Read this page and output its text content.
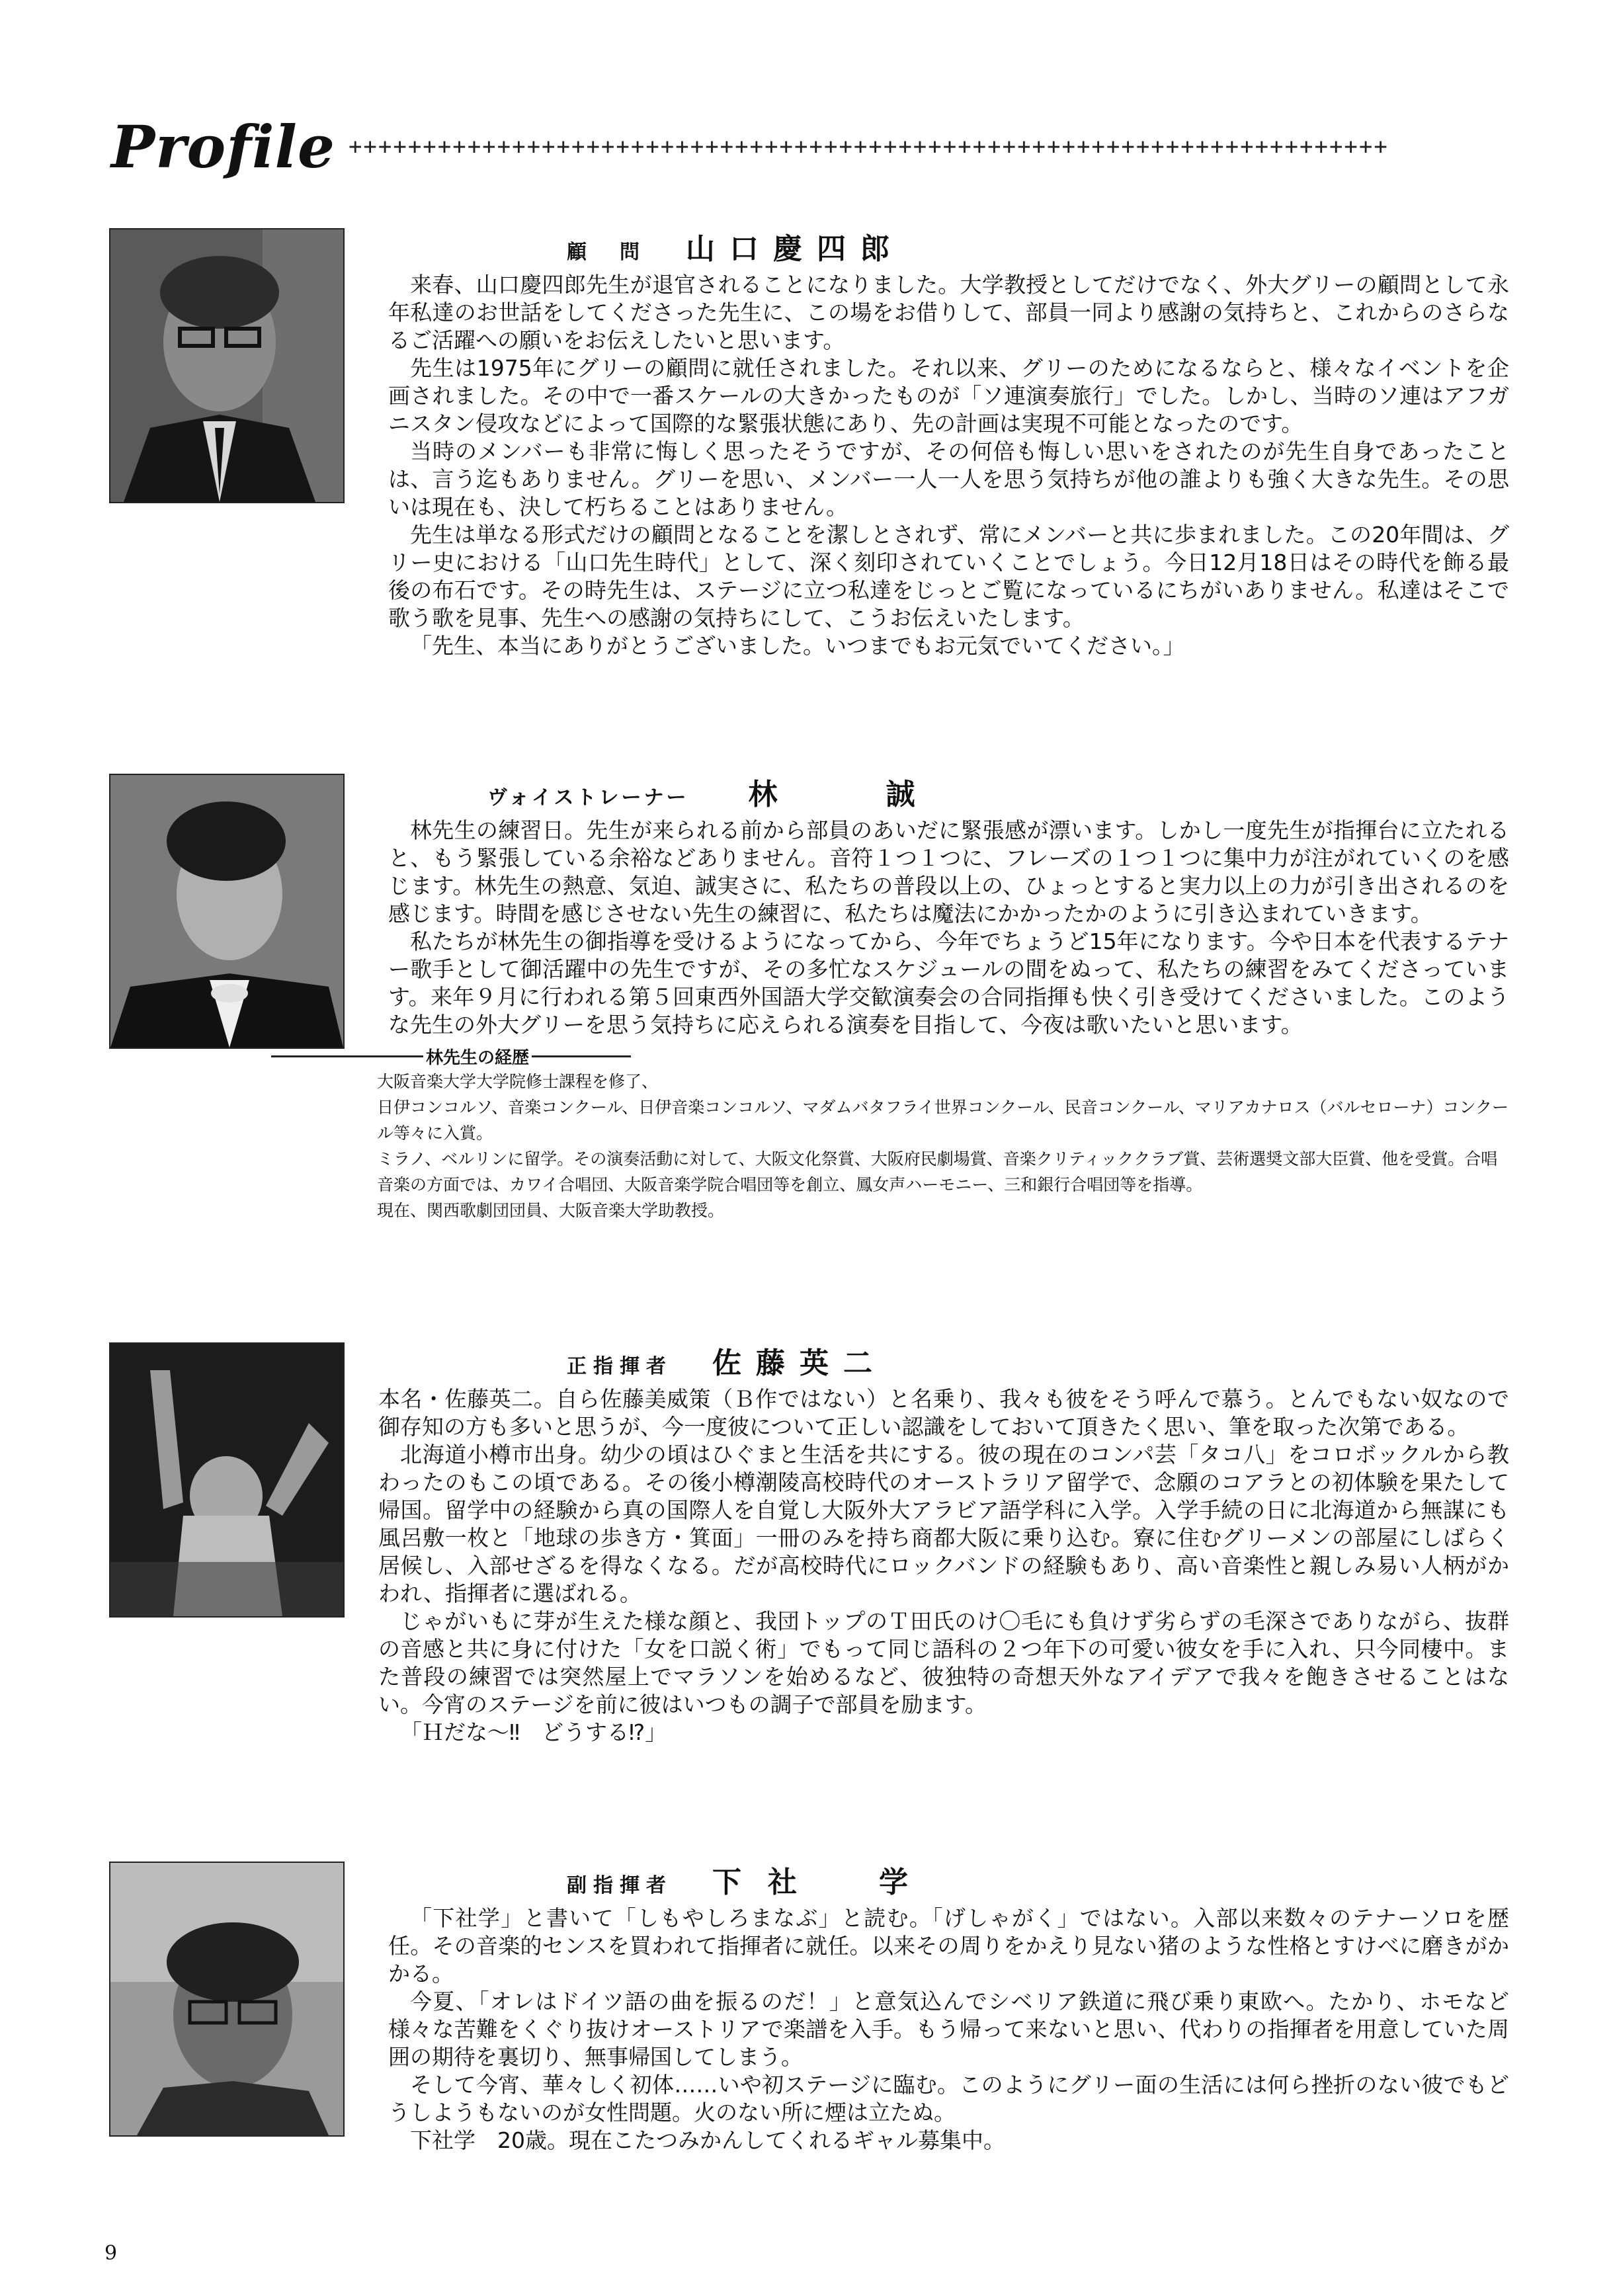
Profile ++++++++++++++++++++++++++++++++++++++++++++++++++++++++++++++++++++++
顧　問 山口慶四郎

来春、山口慶四郎先生が退官されることになりました。大学教授としてだけでなく、外大グリーの顧問として永年私達のお世話をしてくださった先生に、この場をお借りして、部員一同より感謝の気持ちと、これからのさらなるご活躍への願いをお伝えしたいと思います。

先生は1975年にグリーの顧問に就任されました。それ以来、グリーのためになるならと、様々なイベントを企画されました。その中で一番スケールの大きかったものが「ソ連演奏旅行」でした。しかし、当時のソ連はアフガニスタン侵攻などによって国際的な緊張状態にあり、先の計画は実現不可能となったのです。

当時のメンバーも非常に悔しく思ったそうですが、その何倍も悔しい思いをされたのが先生自身であったことは、言う迄もありません。グリーを思い、メンバー一人一人を思う気持ちが他の誰よりも強く大きな先生。その思いは現在も、決して朽ちることはありません。

先生は単なる形式だけの顧問となることを潔しとされず、常にメンバーと共に歩まれました。この20年間は、グリー史における「山口先生時代」として、深く刻印されていくことでしょう。今日12月18日はその時代を飾る最後の布石です。その時先生は、ステージに立つ私達をじっとご覧になっているにちがいありません。私達はそこで歌う歌を見事、先生への感謝の気持ちにして、こうお伝えいたします。

「先生、本当にありがとうございました。いつまでもお元気でいてください。」

ヴォイストレーナー 林　誠

林先生の練習日。先生が来られる前から部員のあいだに緊張感が漂います。しかし一度先生が指揮台に立たれると、もう緊張している余裕などありません。音符１つ１つに、フレーズの１つ１つに集中力が注がれていくのを感じます。林先生の熱意、気迫、誠実さに、私たちの普段以上の、ひょっとすると実力以上の力が引き出されるのを感じます。時間を感じさせない先生の練習に、私たちは魔法にかかったかのように引き込まれていきます。

私たちが林先生の御指導を受けるようになってから、今年でちょうど15年になります。今や日本を代表するテナー歌手として御活躍中の先生ですが、その多忙なスケジュールの間をぬって、私たちの練習をみてくださっています。来年９月に行われる第５回東西外国語大学交歓演奏会の合同指揮も快く引き受けてくださいました。このような先生の外大グリーを思う気持ちに応えられる演奏を目指して、今夜は歌いたいと思います。

林先生の経歴

大阪音楽大学大学院修士課程を修了、

日伊コンコルソ、音楽コンクール、日伊音楽コンコルソ、マダムバタフライ世界コンクール、民音コンクール、マリアカナロス（バルセローナ）コンクール等々に入賞。

ミラノ、ベルリンに留学。その演奏活動に対して、大阪文化祭賞、大阪府民劇場賞、音楽クリティッククラブ賞、芸術選奨文部大臣賞、他を受賞。合唱音楽の方面では、カワイ合唱団、大阪音楽学院合唱団等を創立、鳳女声ハーモニー、三和銀行合唱団等を指導。

現在、関西歌劇団団員、大阪音楽大学助教授。

正指揮者 佐藤英二

本名・佐藤英二。自ら佐藤美威策（Ｂ作ではない）と名乗り、我々も彼をそう呼んで慕う。とんでもない奴なので御存知の方も多いと思うが、今一度彼について正しい認識をしておいて頂きたく思い、筆を取った次第である。

北海道小樽市出身。幼少の頃はひぐまと生活を共にする。彼の現在のコンパ芸「タコ八」をコロボックルから教わったのもこの頃である。その後小樽潮陵高校時代のオーストラリア留学で、念願のコアラとの初体験を果たして帰国。留学中の経験から真の国際人を自覚し大阪外大アラビア語学科に入学。入学手続の日に北海道から無謀にも風呂敷一枚と「地球の歩き方・箕面」一冊のみを持ち商都大阪に乗り込む。寮に住むグリーメンの部屋にしばらく居候し、入部せざるを得なくなる。だが高校時代にロックバンドの経験もあり、高い音楽性と親しみ易い人柄がかわれ、指揮者に選ばれる。

じゃがいもに芽が生えた様な顔と、我団トップのＴ田氏のけ〇毛にも負けず劣らずの毛深さでありながら、抜群の音感と共に身に付けた「女を口説く術」でもって同じ語科の２つ年下の可愛い彼女を手に入れ、只今同棲中。また普段の練習では突然屋上でマラソンを始めるなど、彼独特の奇想天外なアイデアで我々を飽きさせることはない。今宵のステージを前に彼はいつもの調子で部員を励ます。

「Ｈだな～‼　どうする⁉」

副指揮者 下社　学

「下社学」と書いて「しもやしろまなぶ」と読む。「げしゃがく」ではない。入部以来数々のテナーソロを歴任。その音楽的センスを買われて指揮者に就任。以来その周りをかえり見ない猪のような性格とすけべに磨きがかかる。

今夏、「オレはドイツ語の曲を振るのだ！」と意気込んでシベリア鉄道に飛び乗り東欧へ。たかり、ホモなど様々な苦難をくぐり抜けオーストリアで楽譜を入手。もう帰って来ないと思い、代わりの指揮者を用意していた周囲の期待を裏切り、無事帰国してしまう。

そして今宵、華々しく初体……いや初ステージに臨む。このようにグリー面の生活には何ら挫折のない彼でもどうしようもないのが女性問題。火のない所に煙は立たぬ。

下社学　20歳。現在こたつみかんしてくれるギャル募集中。

9
